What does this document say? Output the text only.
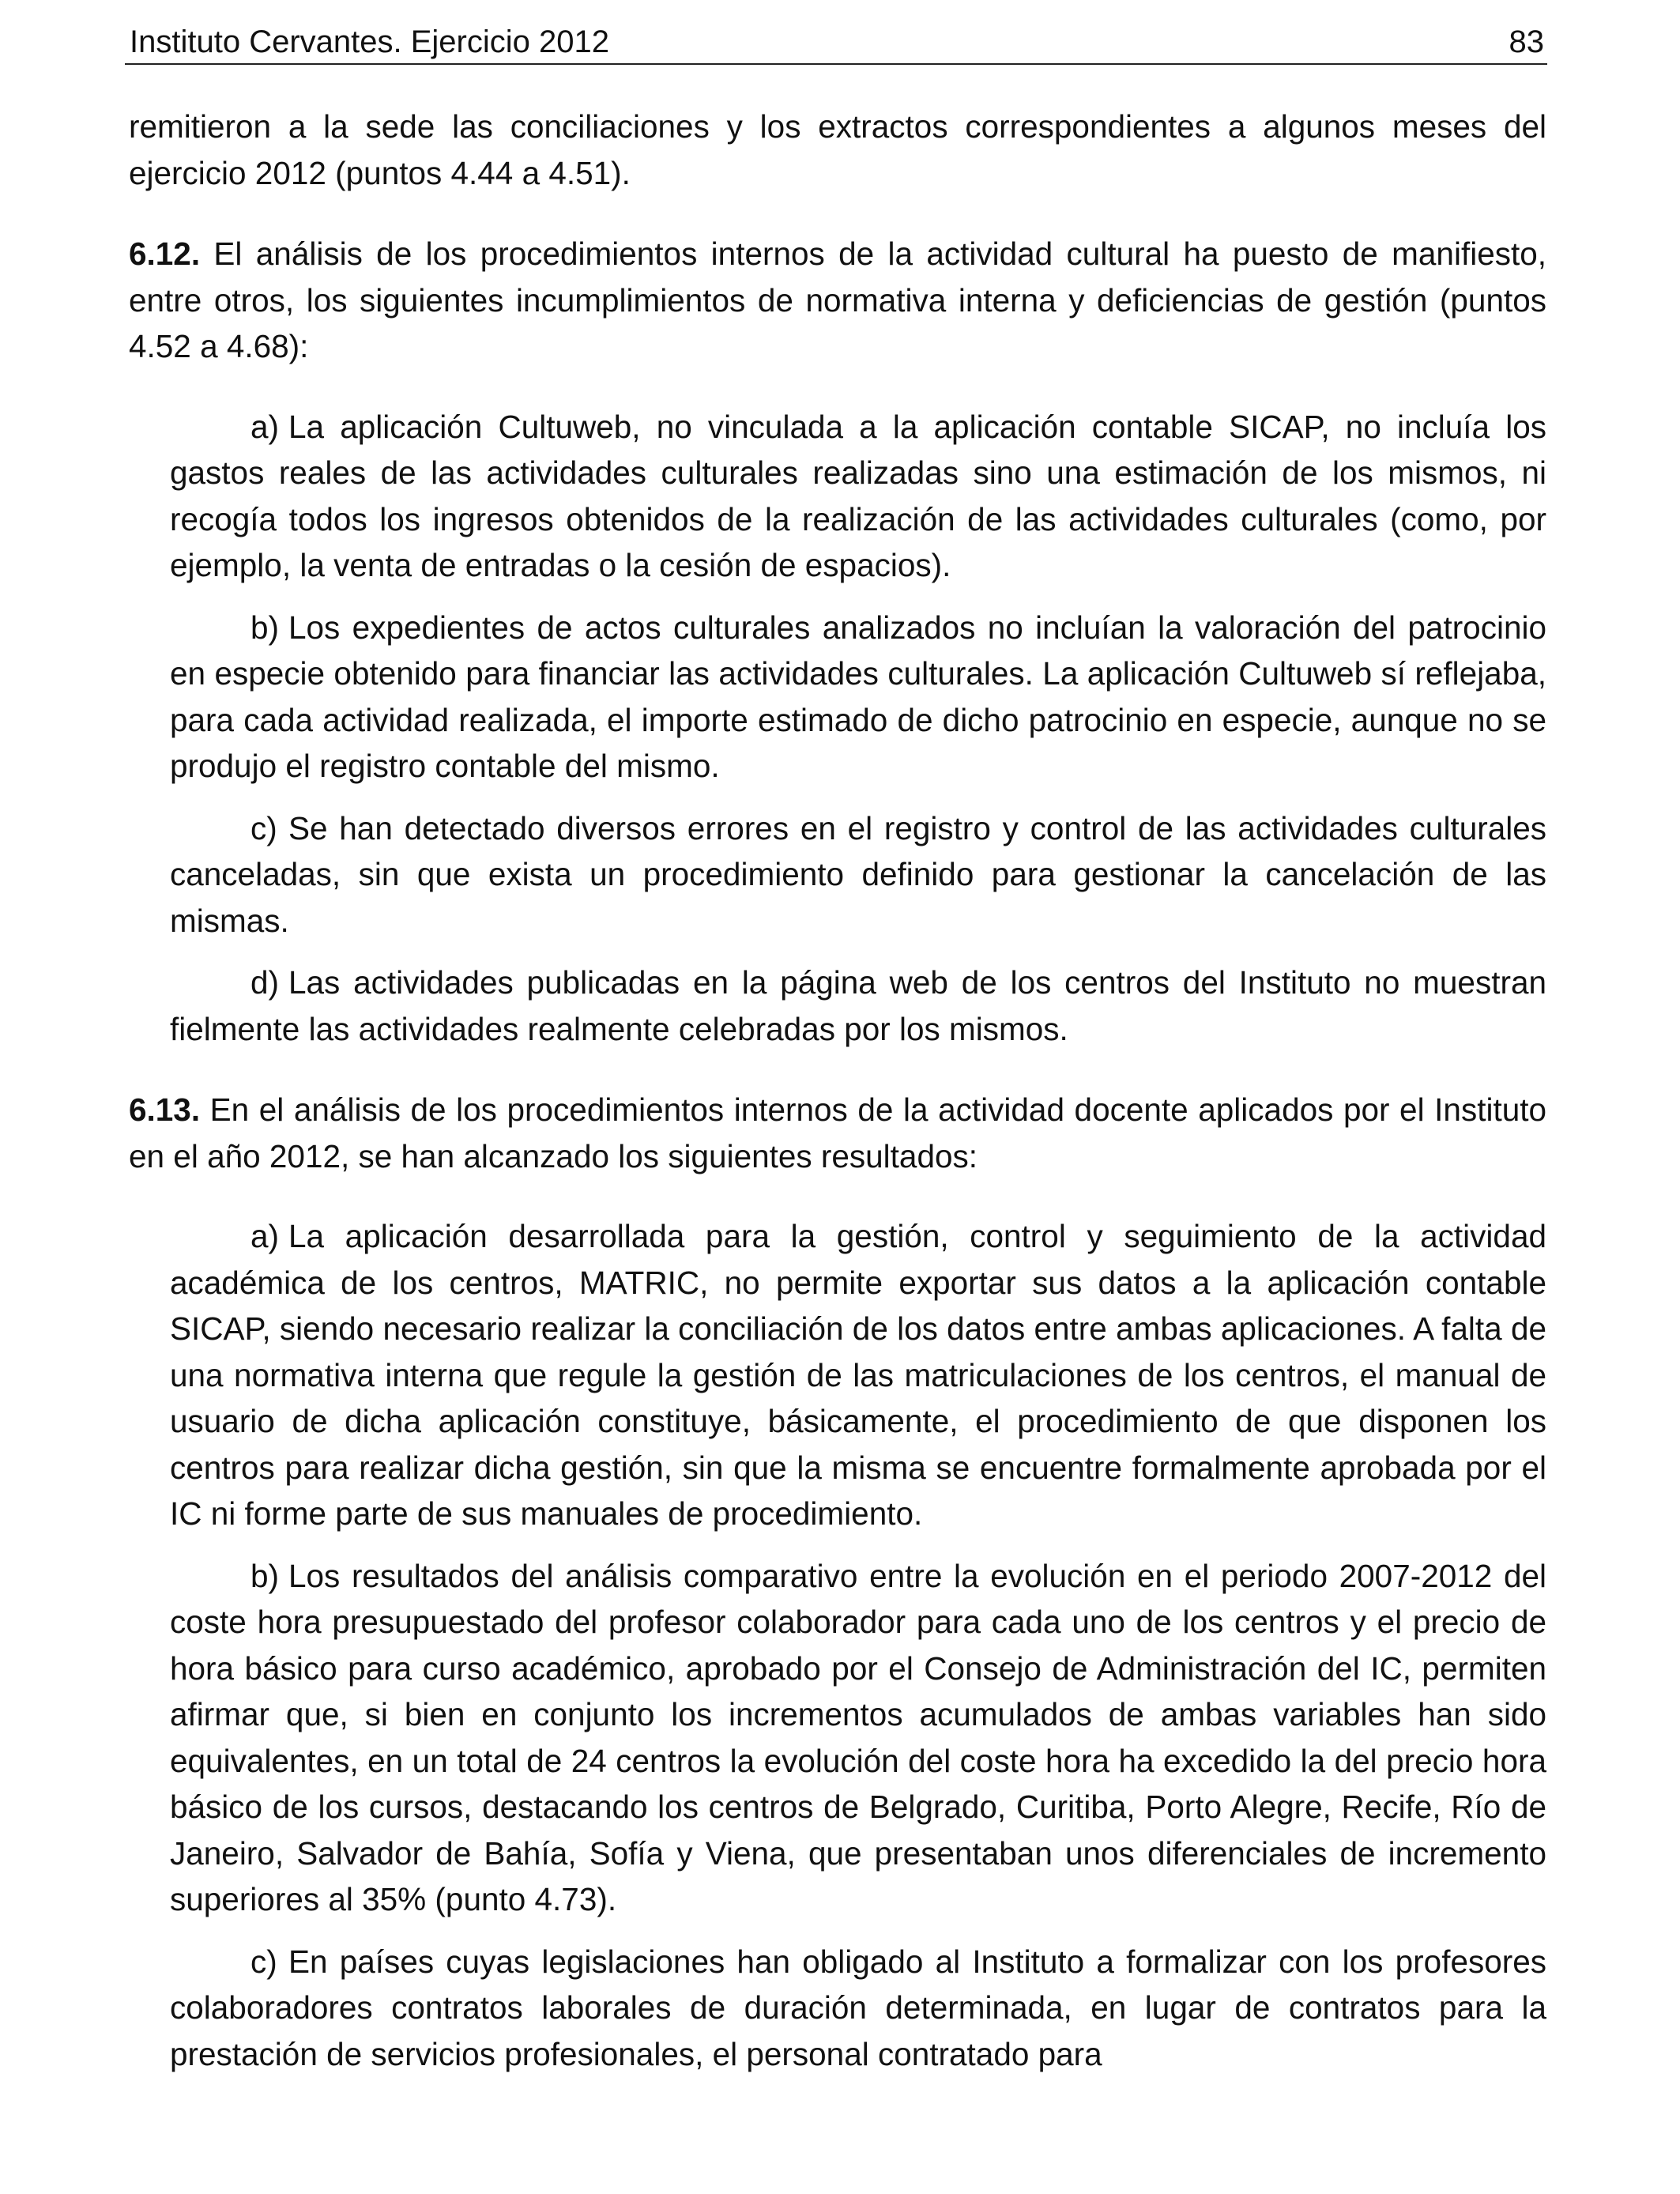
Instituto Cervantes. Ejercicio 2012	83

remitieron a la sede las conciliaciones y los extractos correspondientes a algunos meses del ejercicio 2012 (puntos 4.44 a 4.51).

6.12. El análisis de los procedimientos internos de la actividad cultural ha puesto de manifiesto, entre otros, los siguientes incumplimientos de normativa interna y deficiencias de gestión (puntos 4.52 a 4.68):

a) La aplicación Cultuweb, no vinculada a la aplicación contable SICAP, no incluía los gastos reales de las actividades culturales realizadas sino una estimación de los mismos, ni recogía todos los ingresos obtenidos de la realización de las actividades culturales (como, por ejemplo, la venta de entradas o la cesión de espacios).

b) Los expedientes de actos culturales analizados no incluían la valoración del patrocinio en especie obtenido para financiar las actividades culturales. La aplicación Cultuweb sí reflejaba, para cada actividad realizada, el importe estimado de dicho patrocinio en especie, aunque no se produjo el registro contable del mismo.

c) Se han detectado diversos errores en el registro y control de las actividades culturales canceladas, sin que exista un procedimiento definido para gestionar la cancelación de las mismas.

d) Las actividades publicadas en la página web de los centros del Instituto no muestran fielmente las actividades realmente celebradas por los mismos.

6.13. En el análisis de los procedimientos internos de la actividad docente aplicados por el Instituto en el año 2012, se han alcanzado los siguientes resultados:

a) La aplicación desarrollada para la gestión, control y seguimiento de la actividad académica de los centros, MATRIC, no permite exportar sus datos a la aplicación contable SICAP, siendo necesario realizar la conciliación de los datos entre ambas aplicaciones. A falta de una normativa interna que regule la gestión de las matriculaciones de los centros, el manual de usuario de dicha aplicación constituye, básicamente, el procedimiento de que disponen los centros para realizar dicha gestión, sin que la misma se encuentre formalmente aprobada por el IC ni forme parte de sus manuales de procedimiento.

b) Los resultados del análisis comparativo entre la evolución en el periodo 2007-2012 del coste hora presupuestado del profesor colaborador para cada uno de los centros y el precio de hora básico para curso académico, aprobado por el Consejo de Administración del IC, permiten afirmar que, si bien en conjunto los incrementos acumulados de ambas variables han sido equivalentes, en un total de 24 centros la evolución del coste hora ha excedido la del precio hora básico de los cursos, destacando los centros de Belgrado, Curitiba, Porto Alegre, Recife, Río de Janeiro, Salvador de Bahía, Sofía y Viena, que presentaban unos diferenciales de incremento superiores al 35% (punto 4.73).

c) En países cuyas legislaciones han obligado al Instituto a formalizar con los profesores colaboradores contratos laborales de duración determinada, en lugar de contratos para la prestación de servicios profesionales, el personal contratado para
